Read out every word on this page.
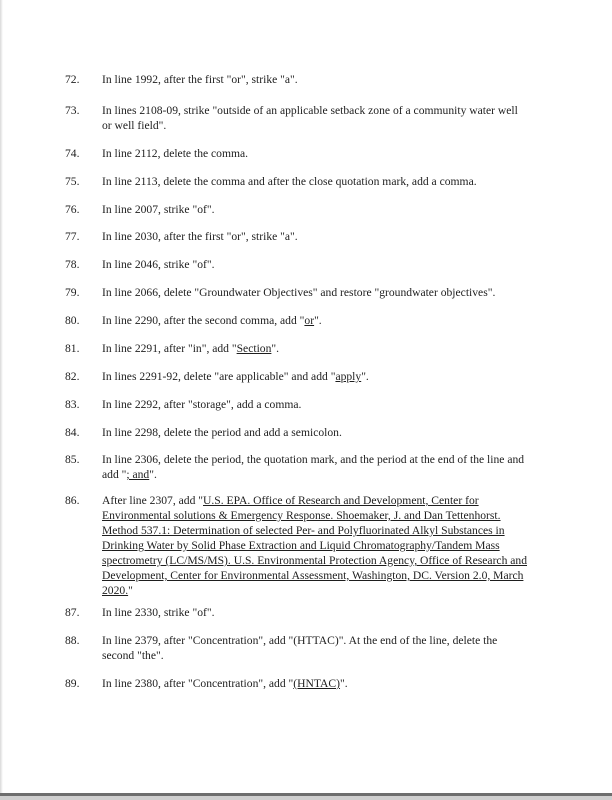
72.	In line 1992, after the first "or", strike "a".
73.	In lines 2108-09, strike "outside of an applicable setback zone of a community water well or well field".
74.	In line 2112, delete the comma.
75.	In line 2113, delete the comma and after the close quotation mark, add a comma.
76.	In line 2007, strike "of".
77.	In line 2030, after the first "or", strike "a".
78.	In line 2046, strike "of".
79.	In line 2066, delete "Groundwater Objectives" and restore "groundwater objectives".
80.	In line 2290, after the second comma, add "or".
81.	In line 2291, after "in", add "Section".
82.	In lines 2291-92, delete "are applicable" and add "apply".
83.	In line 2292, after "storage", add a comma.
84.	In line 2298, delete the period and add a semicolon.
85.	In line 2306, delete the period, the quotation mark, and the period at the end of the line and add "; and".
86.	After line 2307, add "U.S. EPA. Office of Research and Development, Center for Environmental solutions & Emergency Response. Shoemaker, J. and Dan Tettenhorst. Method 537.1: Determination of selected Per- and Polyfluorinated Alkyl Substances in Drinking Water by Solid Phase Extraction and Liquid Chromatography/Tandem Mass spectrometry (LC/MS/MS). U.S. Environmental Protection Agency, Office of Research and Development, Center for Environmental Assessment, Washington, DC. Version 2.0, March 2020."
87.	In line 2330, strike "of".
88.	In line 2379, after "Concentration", add "(HTTAC)". At the end of the line, delete the second "the".
89.	In line 2380, after "Concentration", add "(HNTAC)".
